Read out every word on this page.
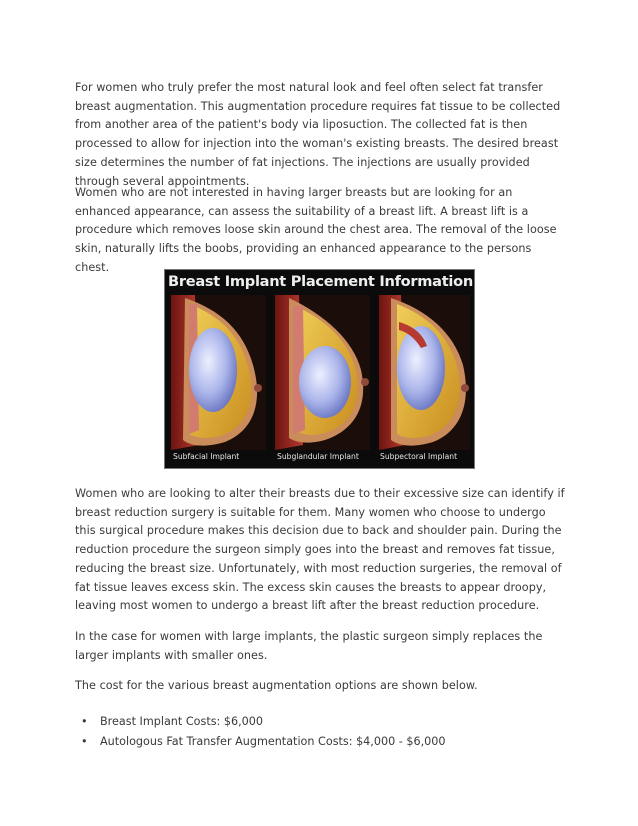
For women who truly prefer the most natural look and feel often select fat transfer breast augmentation. This augmentation procedure requires fat tissue to be collected from another area of the patient's body via liposuction. The collected fat is then processed to allow for injection into the woman's existing breasts. The desired breast size determines the number of fat injections. The injections are usually provided through several appointments.

Women who are not interested in having larger breasts but are looking for an enhanced appearance, can assess the suitability of a breast lift. A breast lift is a procedure which removes loose skin around the chest area. The removal of the loose skin, naturally lifts the boobs, providing an enhanced appearance to the persons chest.

Breast Implant Placement Information
Subfacial Implant	Subglandular Implant	Subpectoral Implant

Women who are looking to alter their breasts due to their excessive size can identify if breast reduction surgery is suitable for them. Many women who choose to undergo this surgical procedure makes this decision due to back and shoulder pain. During the reduction procedure the surgeon simply goes into the breast and removes fat tissue, reducing the breast size. Unfortunately, with most reduction surgeries, the removal of fat tissue leaves excess skin. The excess skin causes the breasts to appear droopy, leaving most women to undergo a breast lift after the breast reduction procedure.

In the case for women with large implants, the plastic surgeon simply replaces the larger implants with smaller ones.

The cost for the various breast augmentation options are shown below.

• Breast Implant Costs: $6,000
• Autologous Fat Transfer Augmentation Costs: $4,000 - $6,000
